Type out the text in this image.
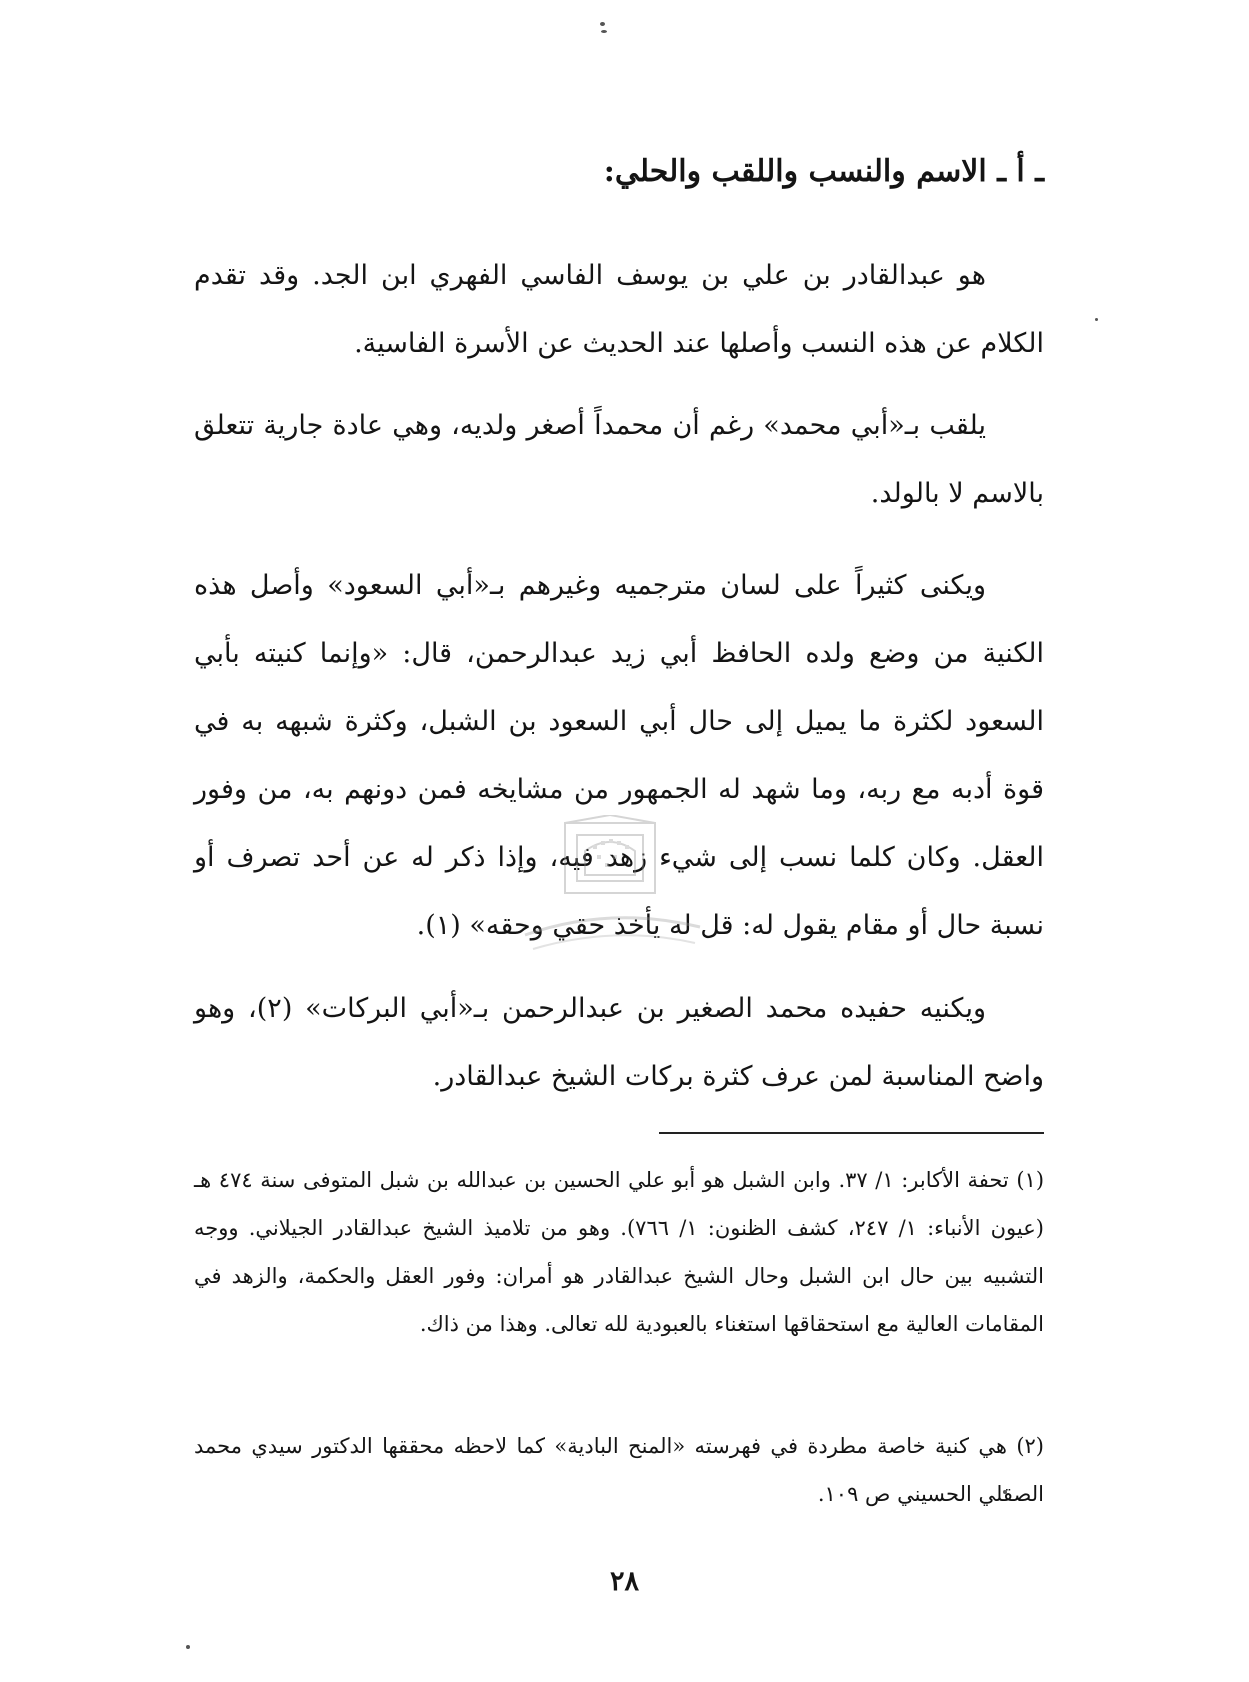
ـ أ ـ الاسم والنسب واللقب والحلي:

هو عبدالقادر بن علي بن يوسف الفاسي الفهري ابن الجد. وقد تقدم الكلام عن هذه النسب وأصلها عند الحديث عن الأسرة الفاسية.

يلقب بـ«أبي محمد» رغم أن محمداً أصغر ولديه، وهي عادة جارية تتعلق بالاسم لا بالولد.

ويكنى كثيراً على لسان مترجميه وغيرهم بـ«أبي السعود» وأصل هذه الكنية من وضع ولده الحافظ أبي زيد عبدالرحمن، قال: «وإنما كنيته بأبي السعود لكثرة ما يميل إلى حال أبي السعود بن الشبل، وكثرة شبهه به في قوة أدبه مع ربه، وما شهد له الجمهور من مشايخه فمن دونهم به، من وفور العقل. وكان كلما نسب إلى شيء زهد فيه، وإذا ذكر له عن أحد تصرف أو نسبة حال أو مقام يقول له: قل له يأخذ حقي وحقه» (١).

ويكنيه حفيده محمد الصغير بن عبدالرحمن بـ«أبي البركات» (٢)، وهو واضح المناسبة لمن عرف كثرة بركات الشيخ عبدالقادر.

(١) تحفة الأكابر: ١/ ٣٧. وابن الشبل هو أبو علي الحسين بن عبدالله بن شبل المتوفى سنة ٤٧٤ هـ (عيون الأنباء: ١/ ٢٤٧، كشف الظنون: ١/ ٧٦٦). وهو من تلاميذ الشيخ عبدالقادر الجيلاني. ووجه التشبيه بين حال ابن الشبل وحال الشيخ عبدالقادر هو أمران: وفور العقل والحكمة، والزهد في المقامات العالية مع استحقاقها استغناء بالعبودية لله تعالى. وهذا من ذاك.

(٢) هي كنية خاصة مطردة في فهرسته «المنح البادية» كما لاحظه محققها الدكتور سيدي محمد الصقلي الحسيني ص ١٠٩.

٢٨
